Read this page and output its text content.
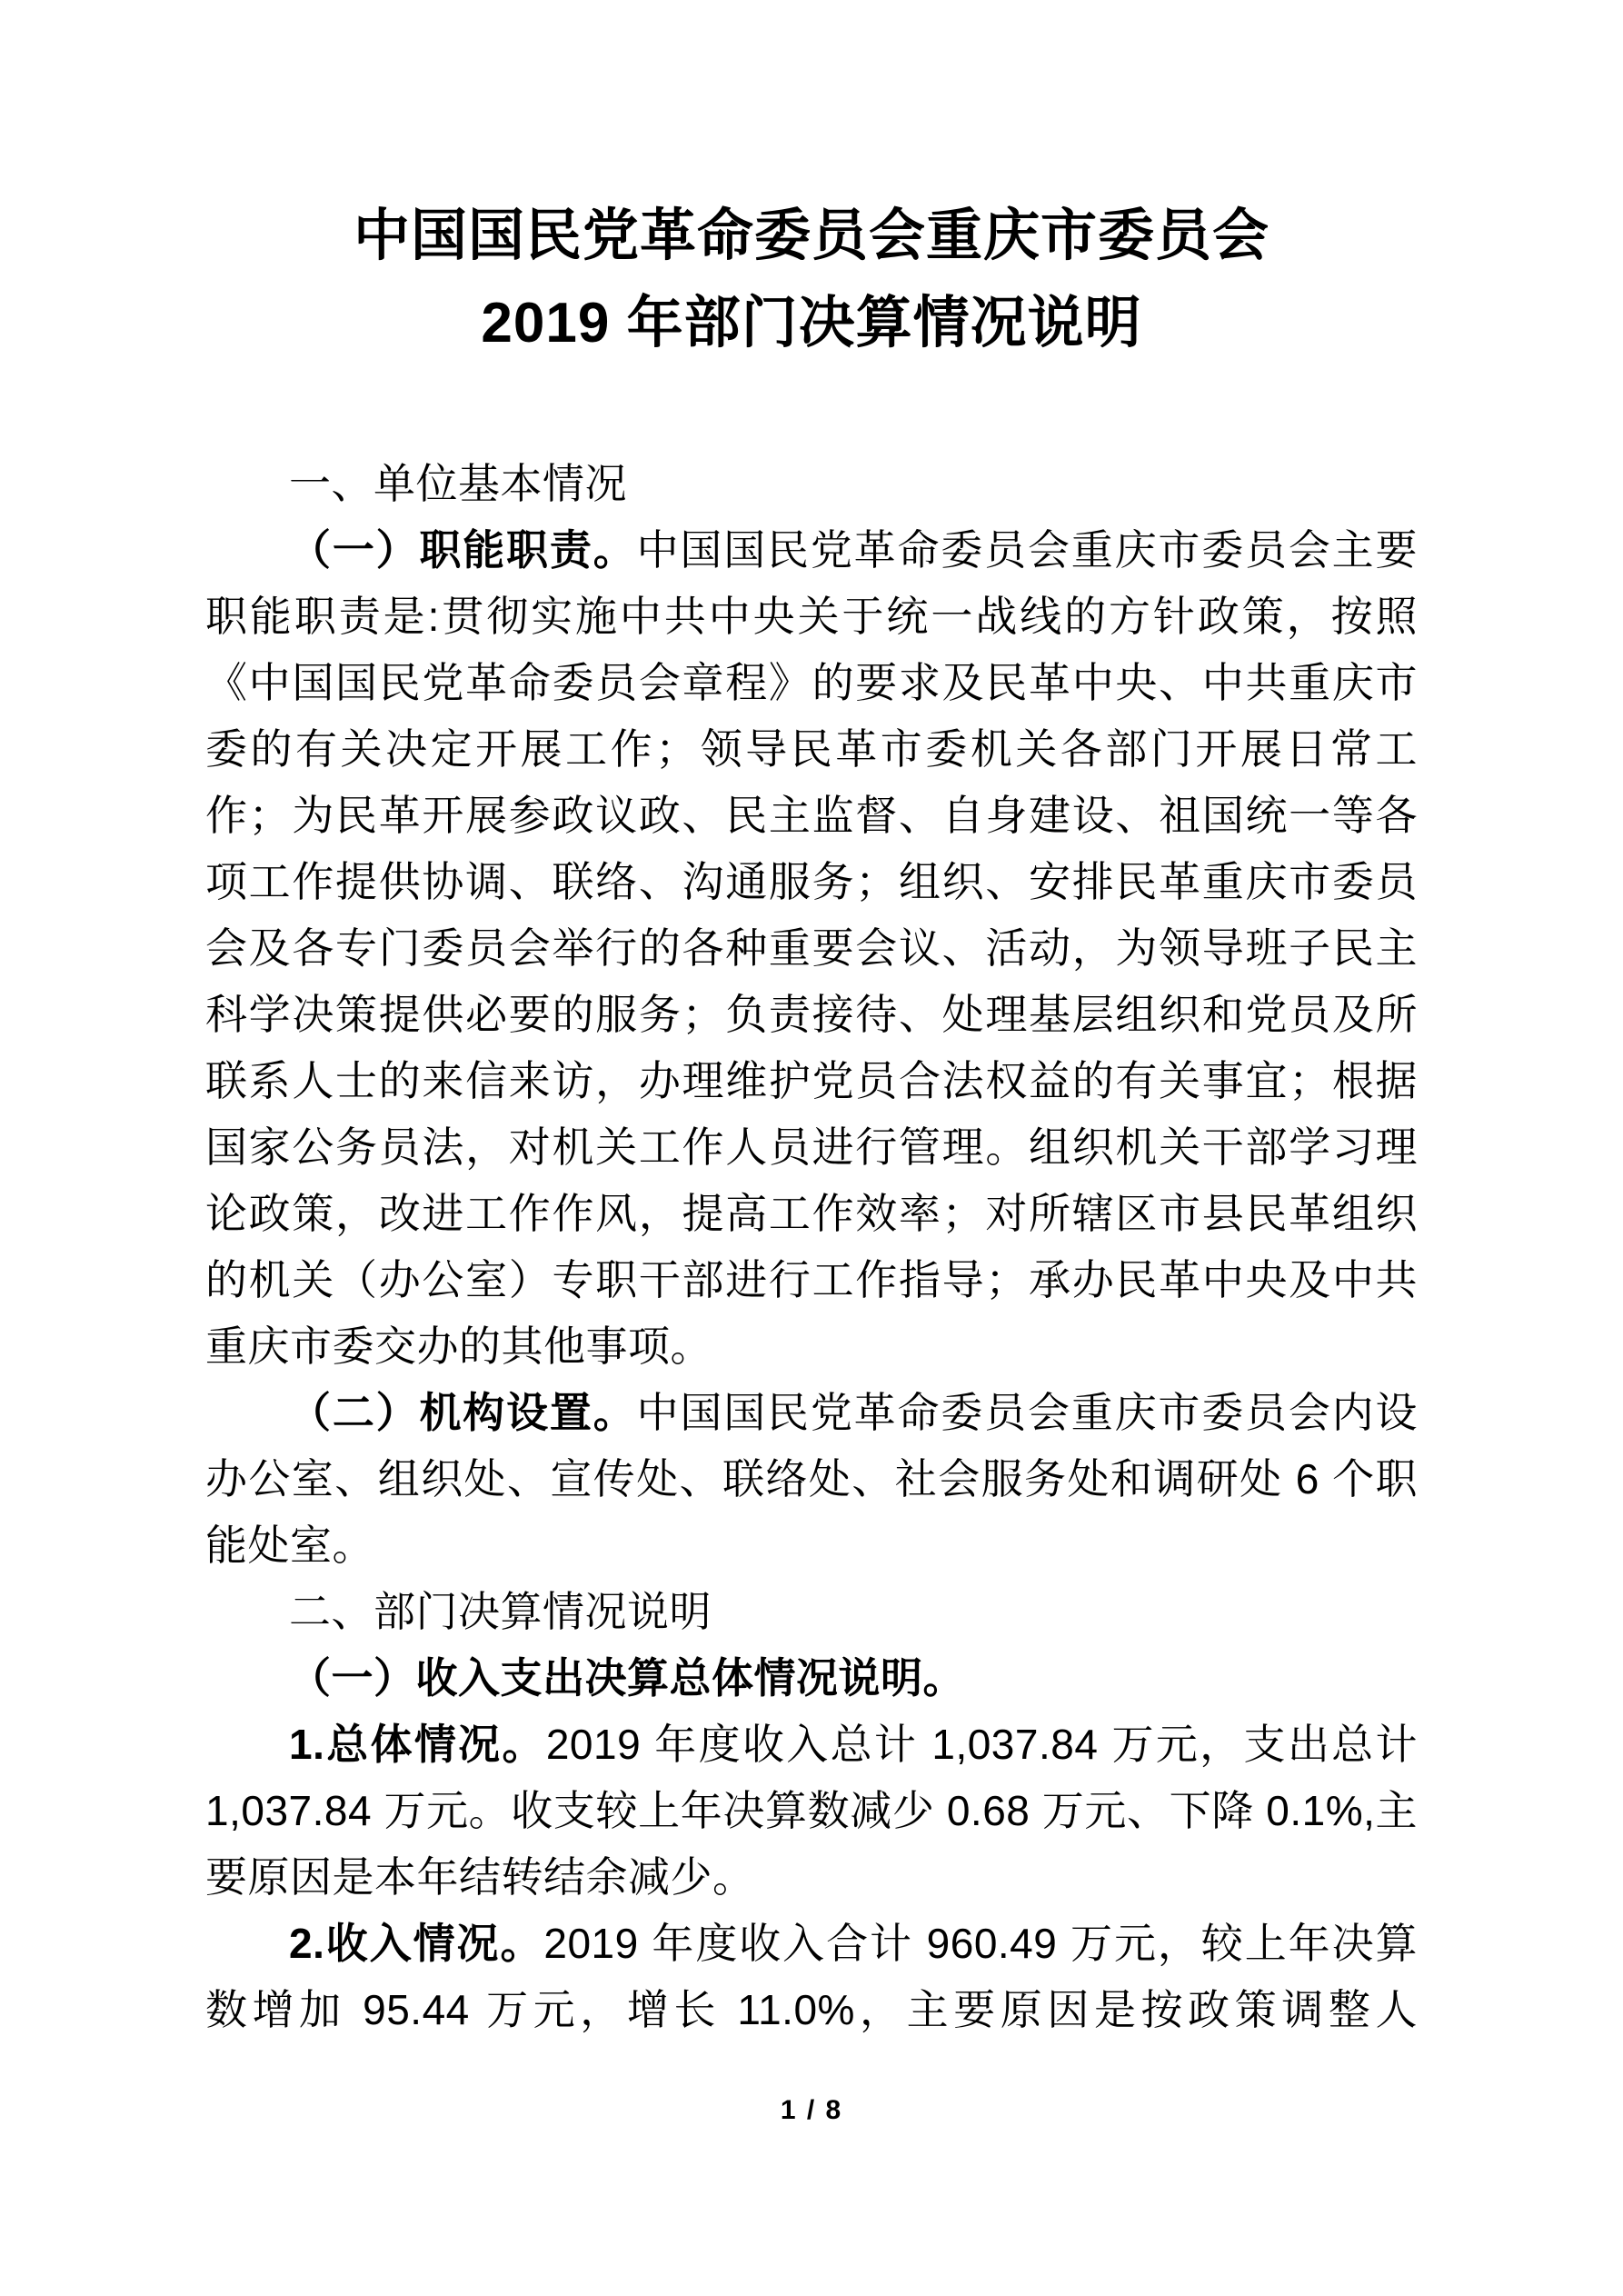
中国国民党革命委员会重庆市委员会
2019 年部门决算情况说明

一、单位基本情况

（一）职能职责。中国国民党革命委员会重庆市委员会主要职能职责是:贯彻实施中共中央关于统一战线的方针政策，按照《中国国民党革命委员会章程》的要求及民革中央、中共重庆市委的有关决定开展工作；领导民革市委机关各部门开展日常工作；为民革开展参政议政、民主监督、自身建设、祖国统一等各项工作提供协调、联络、沟通服务；组织、安排民革重庆市委员会及各专门委员会举行的各种重要会议、活动，为领导班子民主科学决策提供必要的服务；负责接待、处理基层组织和党员及所联系人士的来信来访，办理维护党员合法权益的有关事宜；根据国家公务员法，对机关工作人员进行管理。组织机关干部学习理论政策，改进工作作风，提高工作效率；对所辖区市县民革组织的机关（办公室）专职干部进行工作指导；承办民革中央及中共重庆市委交办的其他事项。

（二）机构设置。中国国民党革命委员会重庆市委员会内设办公室、组织处、宣传处、联络处、社会服务处和调研处 6 个职能处室。

二、部门决算情况说明

（一）收入支出决算总体情况说明。

1.总体情况。2019 年度收入总计 1,037.84 万元，支出总计 1,037.84 万元。收支较上年决算数减少 0.68 万元、下降 0.1%,主要原因是本年结转结余减少。

2.收入情况。2019 年度收入合计 960.49 万元，较上年决算数增加 95.44 万元，增长 11.0%，主要原因是按政策调整人

1 / 8
